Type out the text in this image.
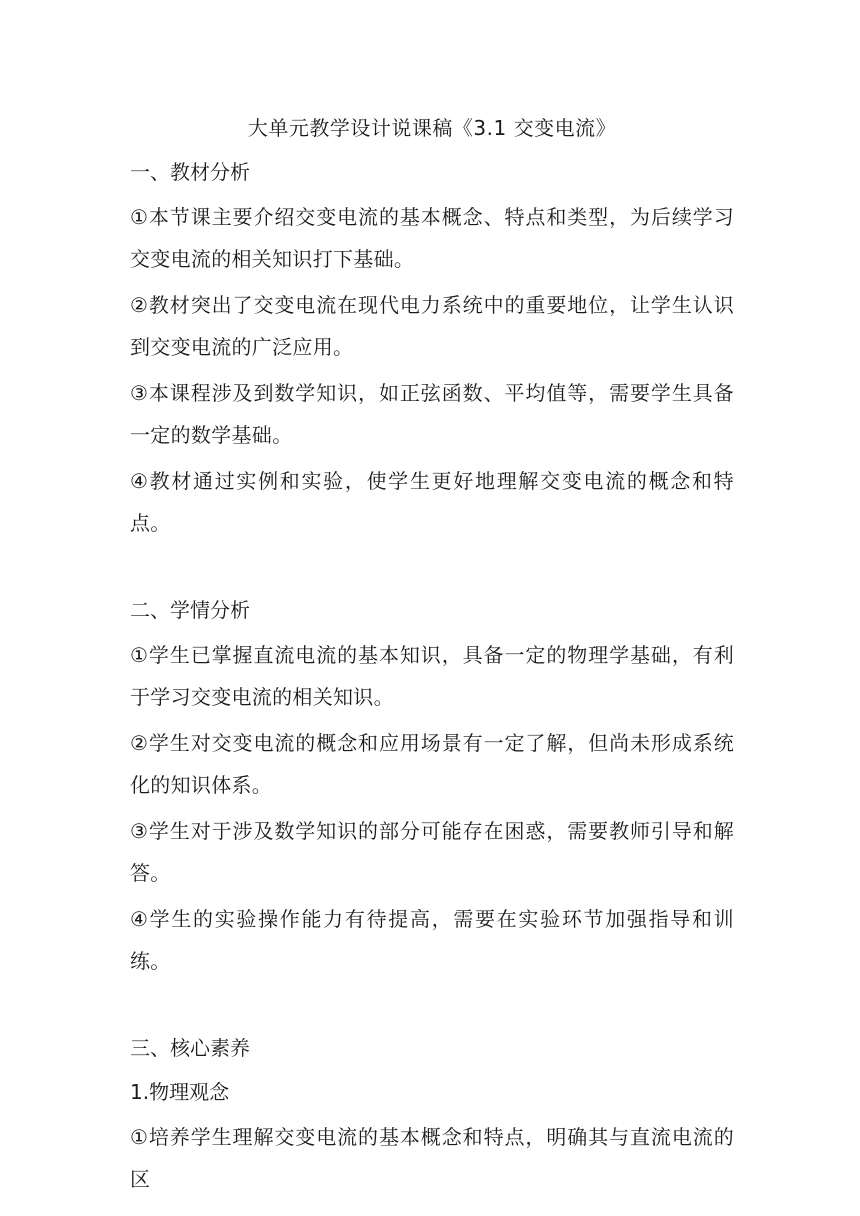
大单元教学设计说课稿《3.1 交变电流》
一、教材分析
①本节课主要介绍交变电流的基本概念、特点和类型，为后续学习交变电流的相关知识打下基础。
②教材突出了交变电流在现代电力系统中的重要地位，让学生认识到交变电流的广泛应用。
③本课程涉及到数学知识，如正弦函数、平均值等，需要学生具备一定的数学基础。
④教材通过实例和实验，使学生更好地理解交变电流的概念和特点。
二、学情分析
①学生已掌握直流电流的基本知识，具备一定的物理学基础，有利于学习交变电流的相关知识。
②学生对交变电流的概念和应用场景有一定了解，但尚未形成系统化的知识体系。
③学生对于涉及数学知识的部分可能存在困惑，需要教师引导和解答。
④学生的实验操作能力有待提高，需要在实验环节加强指导和训练。
三、核心素养
1.物理观念
①培养学生理解交变电流的基本概念和特点，明确其与直流电流的区
